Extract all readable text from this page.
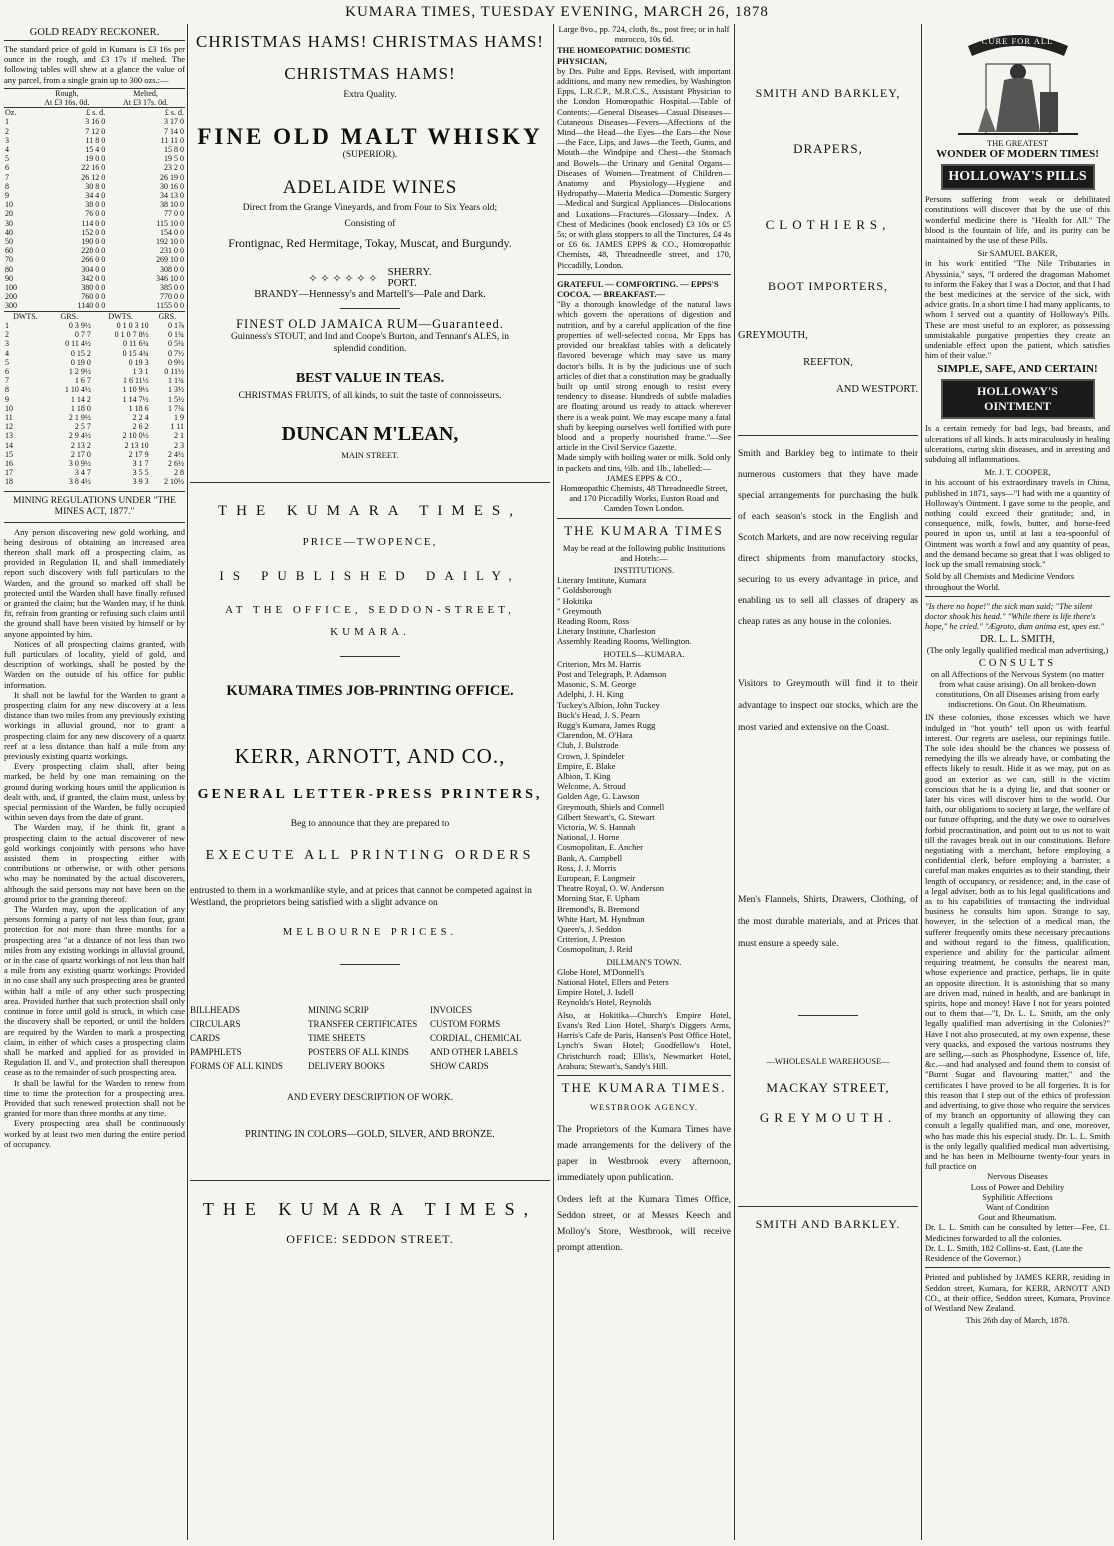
KUMARA TIMES, TUESDAY EVENING, MARCH 26, 1878

GOLD READY RECKONER.

The standard price of gold in Kumara is £3 16s per ounce in the rough, and £3 17s if melted. The following tables will shew at a glance the value of any parcel, from a single grain up to 300 ozs.:—

	Rough,
At £3 16s. 0d.	Melted,
At £3 17s. 0d.
Oz.	£ s. d.	£ s. d.
1	3 16 0	3 17 0
2	7 12 0	7 14 0
3	11 8 0	11 11 0
4	15 4 0	15 8 0
5	19 0 0	19 5 0
6	22 16 0	23 2 0
7	26 12 0	26 19 0
8	30 8 0	30 16 0
9	34 4 0	34 13 0
10	38 0 0	38 10 0
20	76 0 0	77 0 0
30	114 0 0	115 10 0
40	152 0 0	154 0 0
50	190 0 0	192 10 0
60	228 0 0	231 0 0
70	266 0 0	269 10 0
80	304 0 0	308 0 0
90	342 0 0	346 10 0
100	380 0 0	385 0 0
200	760 0 0	770 0 0
300	1140 0 0	1155 0 0
DWTS.	GRS.	DWTS.	GRS.
1	0 3 9½	0 1 0 3 10	0 1⅞
2	0 7 7	0 1 0 7 8½	0 1¾
3	0 11 4½	0 11 6¾	0 5¼
4	0 15 2	0 15 4¾	0 7½
5	0 19 0	0 19 3	0 9½
6	1 2 9½	1 3 1	0 11½
7	1 6 7	1 6 11½	1 1¾
8	1 10 4½	1 10 9½	1 3½
9	1 14 2	1 14 7½	1 5½
10	1 18 0	1 18 6	1 7¼
11	2 1 9½	2 2 4	1 9
12	2 5 7	2 6 2	1 11
13	2 9 4½	2 10 0½	2 1
14	2 13 2	2 13 10	2 3
15	2 17 0	2 17 9	2 4½
16	3 0 9½	3 1 7	2 6½
17	3 4 7	3 5 5	2 8
18	3 8 4½	3 9 3	2 10½

MINING REGULATIONS UNDER "THE MINES ACT, 1877."

Any person discovering new gold working, and being desirous of obtaining an increased area thereon shall mark off a prospecting claim, as provided in Regulation II, and shall immediately report such discovery with full particulars to the Warden, and the ground so marked off shall be protected until the Warden shall have finally refused or granted the claim; but the Warden may, if he think fit, refrain from granting or refusing such claim until the ground shall have been visited by himself or by anyone appointed by him.

Notices of all prospecting claims granted, with full particulars of locality, yield of gold, and description of workings, shall be posted by the Warden on the outside of his office for public information.

It shall not be lawful for the Warden to grant a prospecting claim for any new discovery at a less distance than two miles from any previously existing workings in alluvial ground, nor to grant a prospecting claim for any new discovery of a quartz reef at a less distance than half a mile from any previously existing quartz workings.

Every prospecting claim shall, after being marked, be held by one man remaining on the ground during working hours until the application is dealt with, and, if granted, the claim must, unless by special permission of the Warden, be fully occupied within seven days from the date of grant.

The Warden may, if he think fit, grant a prospecting claim to the actual discoverer of new gold workings conjointly with persons who have assisted them in prospecting either with contributions or otherwise, or with other persons who may be nominated by the actual discoverers, although the said persons may not have been on the ground prior to the granting thereof.

The Warden may, upon the application of any persons forming a party of not less than four, grant protection for not more than three months for a prospecting area "at a distance of not less than two miles from any existing workings in alluvial ground, or in the case of quartz workings of not less than half a mile from any existing quartz workings: Provided in no case shall any such prospecting area be granted within half a mile of any other such prospecting area. Provided further that such protection shall only continue in force until gold is struck, in which case the discovery shall be reported, or until the holders are required by the Warden to mark a prospecting claim, in either of which cases a prospecting claim shall be marked and applied for as provided in Regulation II. and V., and protection shall thereupon cease as to the remainder of such prospecting area.

It shall be lawful for the Warden to renew from time to time the protection for a prospecting area. Provided that such renewed protection shall not be granted for more than three months at any time.

Every prospecting area shall be continuously worked by at least two men during the entire period of occupancy.

CHRISTMAS HAMS! CHRISTMAS HAMS!

CHRISTMAS HAMS!

Extra Quality.

FINE OLD MALT WHISKY

(SUPERIOR).

ADELAIDE WINES

Direct from the Grange Vineyards, and from Four to Six Years old;

Consisting of

Frontignac, Red Hermitage, Tokay, Muscat, and Burgundy.

✧ ✧ ✧ ✧ ✧ ✧
SHERRY.
PORT.

BRANDY—Hennessy's and Martell's—Pale and Dark.

FINEST OLD JAMAICA RUM—Guaranteed.

Guinness's STOUT, and Ind and Coope's Burton, and Tennant's ALES, in splendid condition.

BEST VALUE IN TEAS.

CHRISTMAS FRUITS, of all kinds, to suit the taste of connoisseurs.

DUNCAN M'LEAN,

MAIN STREET.

THE KUMARA TIMES,

PRICE—TWOPENCE,

IS PUBLISHED DAILY,

AT THE OFFICE, SEDDON-STREET,

KUMARA.

KUMARA TIMES JOB-PRINTING OFFICE.

KERR, ARNOTT, AND CO.,

GENERAL LETTER-PRESS PRINTERS,

Beg to announce that they are prepared to

EXECUTE ALL PRINTING ORDERS

entrusted to them in a workmanlike style, and at prices that cannot be competed against in Westland, the proprietors being satisfied with a slight advance on

MELBOURNE PRICES.

BILLHEADS

CIRCULARS

CARDS

PAMPHLETS

FORMS OF ALL KINDS

MINING SCRIP

TRANSFER CERTIFICATES

TIME SHEETS

POSTERS OF ALL KINDS

DELIVERY BOOKS

INVOICES

CUSTOM FORMS

CORDIAL, CHEMICAL

AND OTHER LABELS

SHOW CARDS

AND EVERY DESCRIPTION OF WORK.

PRINTING IN COLORS—GOLD, SILVER, AND BRONZE.

THE KUMARA TIMES,

OFFICE: SEDDON STREET.

Large 8vo., pp. 724, cloth, 8s., post free; or in half morocco, 10s 6d.

THE HOMEOPATHIC DOMESTIC PHYSICIAN,

by Drs. Pulte and Epps. Revised, with important additions, and many new remedies, by Washington Epps, L.R.C.P., M.R.C.S., Assistant Physician to the London Homœopathic Hospital.—Table of Contents:—General Diseases—Casual Diseases—Cutaneous Diseases—Fevers—Affections of the Mind—the Head—the Eyes—the Ears—the Nose—the Face, Lips, and Jaws—the Teeth, Gums, and Mouth—the Windpipe and Chest—the Stomach and Bowels—the Urinary and Genital Organs—Diseases of Women—Treatment of Children—Anatomy and Physiology—Hygiene and Hydropathy—Materia Medica—Domestic Surgery—Medical and Surgical Appliances—Dislocations and Luxations—Fractures—Glossary—Index. A Chest of Medicines (book enclosed) £3 10s or £5 5s; or with glass stoppers to all the Tinctures, £4 4s or £6 6s. JAMES EPPS & CO., Homœopathic Chemists, 48, Threadneedle street, and 170, Piccadilly, London.

GRATEFUL — COMFORTING. — EPPS'S COCOA. — BREAKFAST.—

"By a thorough knowledge of the natural laws which govern the operations of digestion and nutrition, and by a careful application of the fine properties of well-selected cocoa, Mr Epps has provided our breakfast tables with a delicately flavored beverage which may save us many doctor's bills. It is by the judicious use of such articles of diet that a constitution may be gradually built up until strong enough to resist every tendency to disease. Hundreds of subtle maladies are floating around us ready to attack wherever there is a weak point. We may escape many a fatal shaft by keeping ourselves well fortified with pure blood and a properly nourished frame."—See article in the Civil Service Gazette.

Made simply with boiling water or milk. Sold only in packets and tins, ½lb. and 1lb., labelled:—

JAMES EPPS & CO.,

Homœopathic Chemists, 48 Threadneedle Street, and 170 Piccadilly Works, Euston Road and Camden Town London.

THE KUMARA TIMES

May be read at the following public Institutions and Hotels:—

INSTITUTIONS.

Literary Institute, Kumara

" Goldsborough

" Hokitika

" Greymouth

Reading Room, Ross

Literary Institute, Charleston

Assembly Reading Rooms, Wellington.

HOTELS—KUMARA.

Criterion, Mrs M. Harris

Post and Telegraph, P. Adamson

Masonic, S. M. George

Adelphi, J. H. King

Tuckey's Albion, John Tuckey

Buck's Head, J. S. Pearn

Rugg's Kumara, James Rugg

Clarendon, M. O'Hara

Club, J. Bulstrode

Crown, J. Spindeler

Empire, E. Blake

Albion, T. King

Welcome, A. Stroud

Golden Age, G. Lawson

Greymouth, Shiels and Connell

Gilbert Stewart's, G. Stewart

Victoria, W. S. Hannah

National, J. Horne

Cosmopolitan, E. Ancher

Bank, A. Campbell

Ross, J. J. Morris

European, F. Langmeir

Theatre Royal, O. W. Anderson

Morning Star, F. Upham

Bremond's, B. Bremond

White Hart, M. Hyndman

Queen's, J. Seddon

Criterion, J. Preston

Cosmopolitan, J. Reid

DILLMAN'S TOWN.

Globe Hotel, M'Donnell's

National Hotel, Ellers and Peters

Empire Hotel, J. Isdell

Reynolds's Hotel, Reynolds

Also, at Hokitika—Church's Empire Hotel, Evans's Red Lion Hotel, Sharp's Diggers Arms, Harris's Cafe de Paris, Hansen's Post Office Hotel, Lynch's Swan Hotel; Goodfellow's Hotel, Christchurch road; Ellis's, Newmarket Hotel, Arahura; Stewart's, Sandy's Hill.

THE KUMARA TIMES.

WESTBROOK AGENCY.

The Proprietors of the Kumara Times have made arrangements for the delivery of the paper in Westbrook every afternoon, immediately upon publication.

Orders left at the Kumara Times Office, Seddon street, or at Messrs Keech and Molloy's Store, Westbrook, will receive prompt attention.

SMITH AND BARKLEY,

DRAPERS,

CLOTHIERS,

BOOT IMPORTERS,

GREYMOUTH,

REEFTON,

AND WESTPORT.

Smith and Barkley beg to intimate to their numerous customers that they have made special arrangements for purchasing the bulk of each season's stock in the English and Scotch Markets, and are now receiving regular direct shipments from manufactory stocks, securing to us every advantage in price, and enabling us to sell all classes of drapery as cheap rates as any house in the colonies.

Visitors to Greymouth will find it to their advantage to inspect our stocks, which are the most varied and extensive on the Coast.

Men's Flannels, Shirts, Drawers, Clothing, of the most durable materials, and at Prices that must ensure a speedy sale.

—WHOLESALE WAREHOUSE—

MACKAY STREET,

GREYMOUTH.

SMITH AND BARKLEY.

CURE FOR ALL

THE GREATEST

WONDER OF MODERN TIMES!

HOLLOWAY'S PILLS

Persons suffering from weak or debilitated constitutions will discover that by the use of this wonderful medicine there is "Health for All." The blood is the fountain of life, and its purity can be maintained by the use of these Pills.

Sir SAMUEL BAKER,

in his work entitled "The Nile Tributaries in Abyssinia," says, "I ordered the dragoman Mahomet to inform the Fakey that I was a Doctor, and that I had the best medicines at the service of the sick, with advice gratis. In a short time I had many applicants, to whom I served out a quantity of Holloway's Pills. These are most useful to an explorer, as possessing unmistakable purgative properties they create an undeniable effect upon the patient, which satisfies him of their value."

SIMPLE, SAFE, AND CERTAIN!

HOLLOWAY'S OINTMENT

Is a certain remedy for bad legs, bad breasts, and ulcerations of all kinds. It acts miraculously in healing ulcerations, curing skin diseases, and in arresting and subduing all inflammations.

Mr. J. T. COOPER,

in his account of his extraordinary travels in China, published in 1871, says—"I had with me a quantity of Holloway's Ointment. I gave some to the people, and nothing could exceed their gratitude; and, in consequence, milk, fowls, butter, and horse-feed poured in upon us, until at last a tea-spoonful of Ointment was worth a fowl and any quantity of peas, and the demand became so great that I was obliged to lock up the small remaining stock."

Sold by all Chemists and Medicine Vendors throughout the World.

"Is there no hope!" the sick man said; "The silent doctor shook his head." "While there is life there's hope," he cried." "Ægroto, dum anima est, spes est."

DR. L. L. SMITH,

(The only legally qualified medical man advertising,)

CONSULTS

on all Affections of the Nervous System (no matter from what cause arising). On all broken-down constitutions, On all Diseases arising from early indiscretions. On Gout. On Rheumatism.

IN these colonies, those excesses which we have indulged in "hot youth" tell upon us with fearful interest. Our regrets are useless, our repinings futile. The sole idea should be the chances we possess of remedying the ills we already have, or combating the effects likely to result. Hide it as we may, put on as good an exterior as we can, still is the victim conscious that he is a dying lie, and that sooner or later his vices will discover him to the world. Our faith, our obligations to society at large, the welfare of our future offspring, and the duty we owe to ourselves forbid procrastination, and point out to us not to wait till the ravages break out in our constitutions. Before negotiating with a merchant, before employing a confidential clerk, before employing a barrister, a careful man makes enquiries as to their standing, their length of occupancy, or residence; and, in the case of a legal adviser, both as to his legal qualifications and as to his capabilities of transacting the individual business he consults him upon. Strange to say, however, in the selection of a medical man, the sufferer frequently omits these necessary precautions and without regard to the fitness, qualification, experience and ability for the particular ailment requiring treatment, he consults the nearest man, whose experience and practice, perhaps, lie in quite an opposite direction. It is astonishing that so many are driven mad, ruined in health, and are bankrupt in spirits, hope and money! Have I not for years pointed out to them that—"I, Dr. L. L. Smith, am the only legally qualified man advertising in the Colonies?" Have I not also prosecuted, at my own expense, these very quacks, and exposed the various nostrums they are selling,—such as Phosphodyne, Essence of, life, &c.—and had analysed and found them to consist of "Burnt Sugar and flavouring matter," and the certificates I have proved to be all forgeries. It is for this reason that I step out of the ethics of profession and advertising, to give those who require the services of my branch an opportunity of allowing they can consult a legally qualified man, and one, moreover, who has made this his especial study. Dr. L. L. Smith is the only legally qualified medical man advertising, and he has been in Melbourne twenty-four years in full practice on

Nervous Diseases

Loss of Power and Debility

Syphilitic Affections

Want of Condition

Gout and Rheumatism.

Dr. L. L. Smith can be consulted by letter—Fee, £1. Medicines forwarded to all the colonies.

Dr. L. L. Smith, 182 Collins-st. East, (Late the Residence of the Governor.)

Printed and published by JAMES KERR, residing in Seddon street, Kumara, for KERR, ARNOTT AND CO., at their office, Seddon street, Kumara, Province of Westland New Zealand.

This 26th day of March, 1878.
